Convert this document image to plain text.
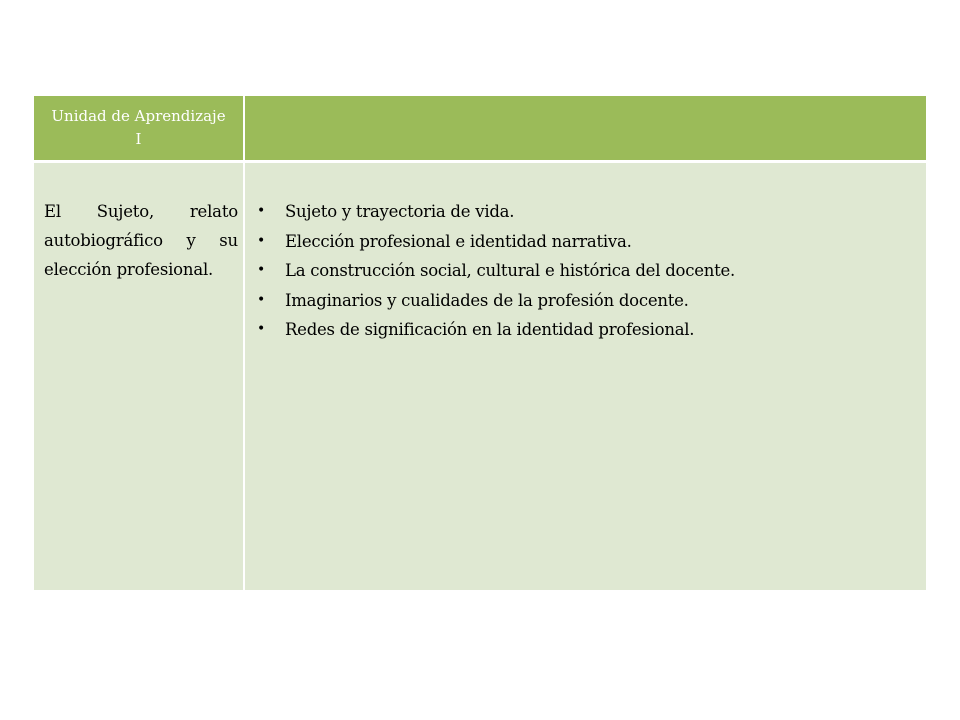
Unidad de Aprendizaje I

El Sujeto, relato autobiográfico y su elección profesional.

• Sujeto y trayectoria de vida.
• Elección profesional e identidad narrativa.
• La construcción social, cultural e histórica del docente.
• Imaginarios y cualidades de la profesión docente.
• Redes de significación en la identidad profesional.
